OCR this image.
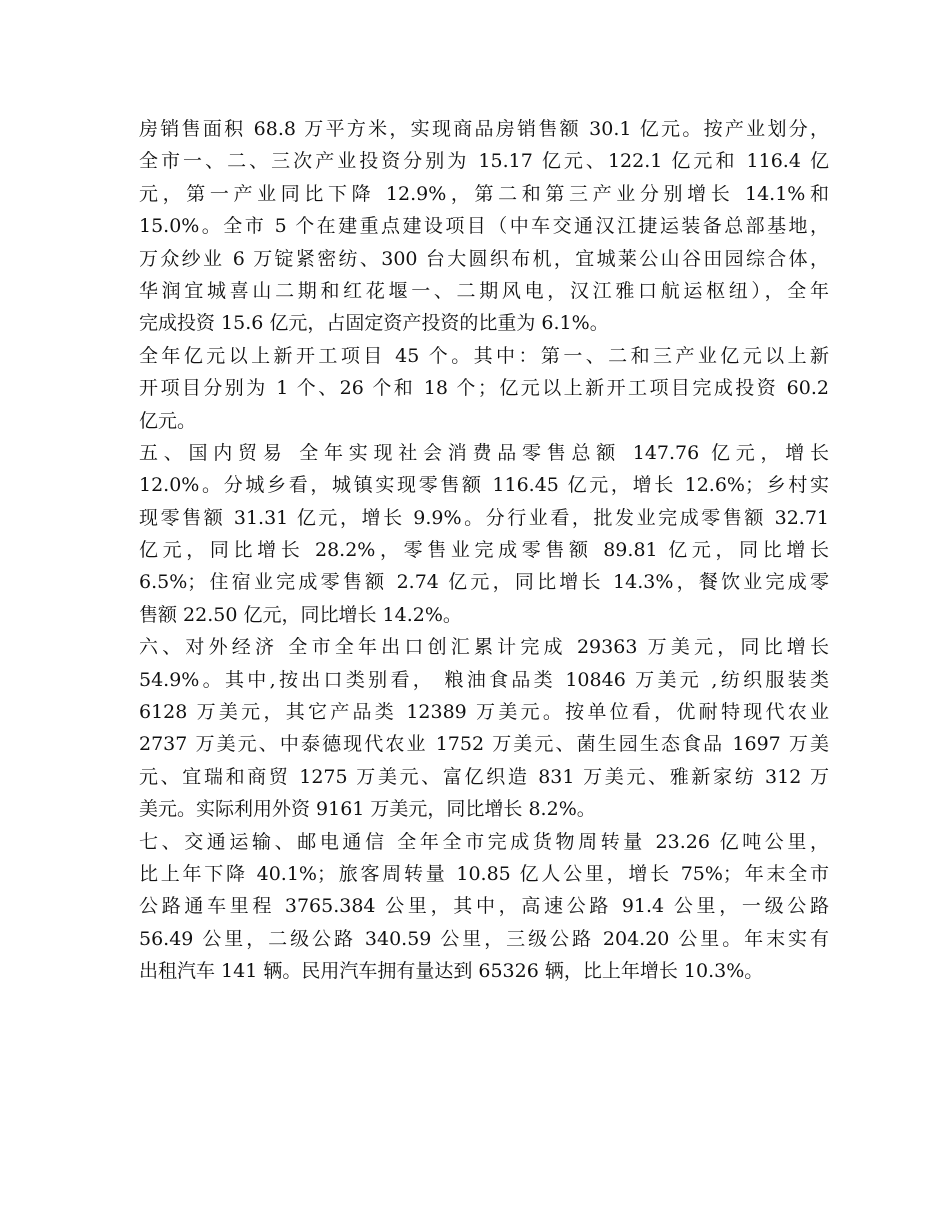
房销售面积 68.8 万平方米，实现商品房销售额 30.1 亿元。按产业划分，
全市一、二、三次产业投资分别为 15.17 亿元、122.1 亿元和 116.4 亿
元，第一产业同比下降 12.9%，第二和第三产业分别增长 14.1%和
15.0%。全市 5 个在建重点建设项目（中车交通汉江捷运装备总部基地，
万众纱业 6 万锭紧密纺、300 台大圆织布机，宜城莱公山谷田园综合体，
华润宜城喜山二期和红花堰一、二期风电，汉江雅口航运枢纽），全年
完成投资 15.6 亿元，占固定资产投资的比重为 6.1%。

全年亿元以上新开工项目 45 个。其中：第一、二和三产业亿元以上新
开项目分别为 1 个、26 个和 18 个；亿元以上新开工项目完成投资 60.2
亿元。

五、国内贸易 全年实现社会消费品零售总额 147.76 亿元，增长
12.0%。分城乡看，城镇实现零售额 116.45 亿元，增长 12.6%；乡村实
现零售额 31.31 亿元，增长 9.9%。分行业看，批发业完成零售额 32.71
亿元，同比增长 28.2%，零售业完成零售额 89.81 亿元，同比增长
6.5%；住宿业完成零售额 2.74 亿元，同比增长 14.3%，餐饮业完成零
售额 22.50 亿元，同比增长 14.2%。

六、对外经济 全市全年出口创汇累计完成 29363 万美元，同比增长
54.9%。其中,按出口类别看， 粮油食品类 10846 万美元 ,纺织服装类
6128 万美元，其它产品类 12389 万美元。按单位看，优耐特现代农业
2737 万美元、中泰德现代农业 1752 万美元、菌生园生态食品 1697 万美
元、宜瑞和商贸 1275 万美元、富亿织造 831 万美元、雅新家纺 312 万
美元。实际利用外资 9161 万美元，同比增长 8.2%。

七、交通运输、邮电通信 全年全市完成货物周转量 23.26 亿吨公里，
比上年下降 40.1%；旅客周转量 10.85 亿人公里，增长 75%；年末全市
公路通车里程 3765.384 公里，其中，高速公路 91.4 公里，一级公路
56.49 公里，二级公路 340.59 公里，三级公路 204.20 公里。年末实有
出租汽车 141 辆。民用汽车拥有量达到 65326 辆，比上年增长 10.3%。
